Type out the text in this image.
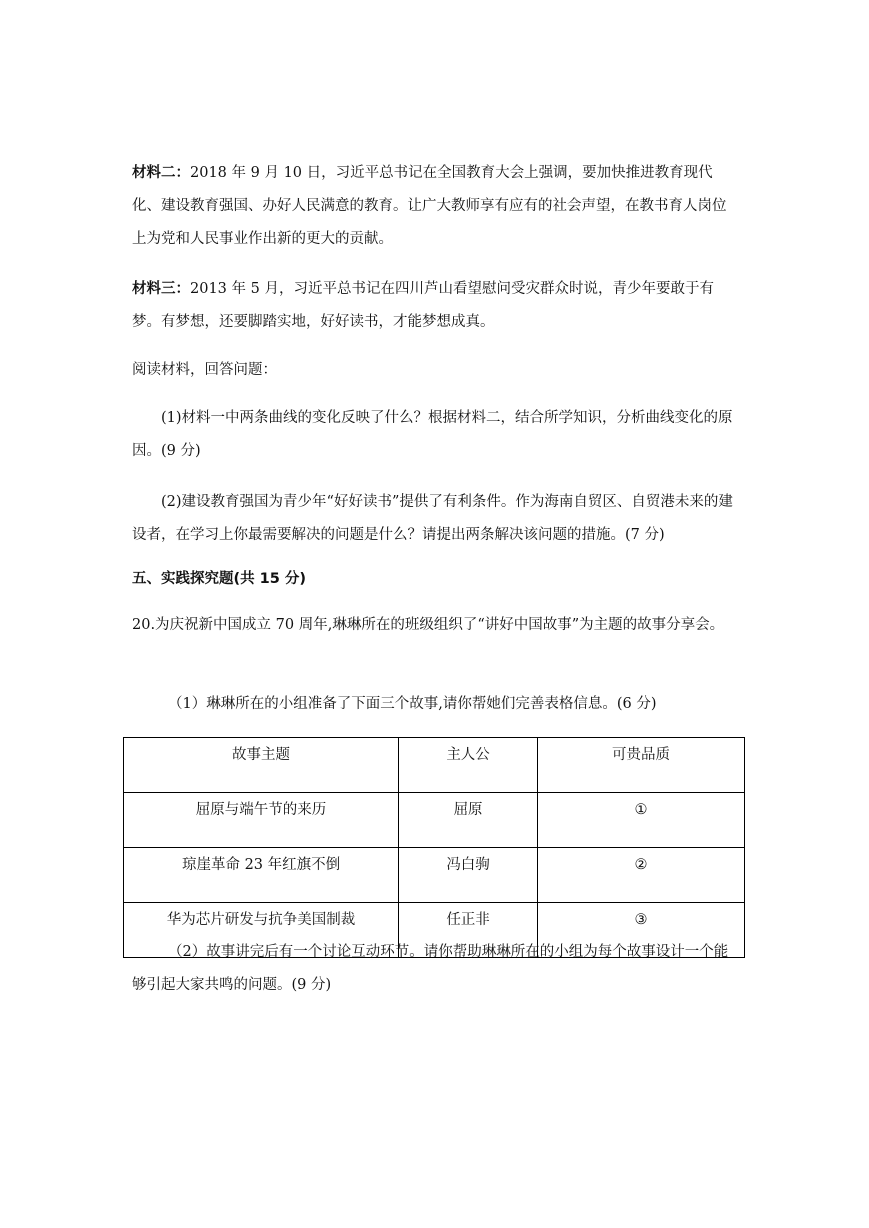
材料二：2018 年 9 月 10 日，习近平总书记在全国教育大会上强调，要加快推进教育现代化、建设教育强国、办好人民满意的教育。让广大教师享有应有的社会声望，在教书育人岗位上为党和人民事业作出新的更大的贡献。

材料三：2013 年 5 月，习近平总书记在四川芦山看望慰问受灾群众时说，青少年要敢于有梦。有梦想，还要脚踏实地，好好读书，才能梦想成真。

阅读材料，回答问题：

(1)材料一中两条曲线的变化反映了什么？根据材料二，结合所学知识，分析曲线变化的原因。(9 分)

(2)建设教育强国为青少年“好好读书”提供了有利条件。作为海南自贸区、自贸港未来的建设者，在学习上你最需要解决的问题是什么？请提出两条解决该问题的措施。(7 分)

五、实践探究题(共 15 分)

20.为庆祝新中国成立 70 周年,琳琳所在的班级组织了“讲好中国故事”为主题的故事分享会。

（1）琳琳所在的小组准备了下面三个故事,请你帮她们完善表格信息。(6 分)

故事主题	主人公	可贵品质
屈原与端午节的来历	屈原	①
琼崖革命 23 年红旗不倒	冯白驹	②
华为芯片研发与抗争美国制裁	任正非	③

（2）故事讲完后有一个讨论互动环节。请你帮助琳琳所在的小组为每个故事设计一个能够引起大家共鸣的问题。(9 分)
